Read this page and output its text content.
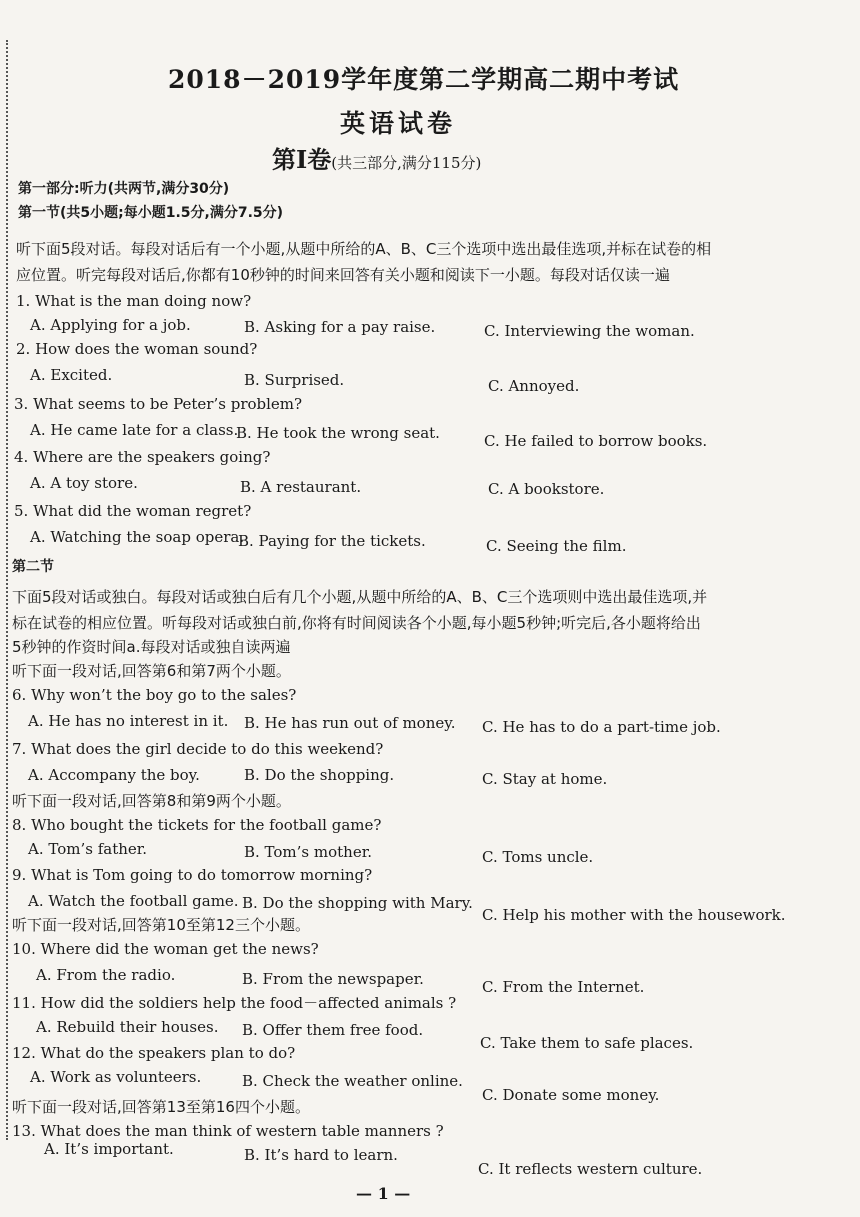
2018－2019学年度第二学期高二期中考试
英语试卷
第Ⅰ卷(共三部分,满分115分)
第一部分:听力(共两节,满分30分)
第一节(共5小题;每小题1.5分,满分7.5分)
听下面5段对话。每段对话后有一个小题,从题中所给的A、B、C三个选项中选出最佳选项,并标在试卷的相
应位置。听完每段对话后,你都有10秒钟的时间来回答有关小题和阅读下一小题。每段对话仅读一遍
1. What is the man doing now?
A. Applying for a job.	B. Asking for a pay raise.	C. Interviewing the woman.
2. How does the woman sound?
A. Excited.	B. Surprised.	C. Annoyed.
3. What seems to be Peter’s problem?
A. He came late for a class.
B. He took the wrong seat.	C. He failed to borrow books.
4. Where are the speakers going?
A. A toy store.	B. A restaurant.	C. A bookstore.
5. What did the woman regret?
A. Watching the soap opera.
B. Paying for the tickets.	C. Seeing the film.
第二节
下面5段对话或独白。每段对话或独白后有几个小题,从题中所给的A、B、C三个选项则中选出最佳选项,并
标在试卷的相应位置。听每段对话或独白前,你将有时间阅读各个小题,每小题5秒钟;听完后,各小题将给出
5秒钟的作资时间a.每段对话或独自读两遍
听下面一段对话,回答第6和第7两个小题。
6. Why won’t the boy go to the sales?
A. He has no interest in it. B. He has run out of money. C. He has to do a part-time job.
7. What does the girl decide to do this weekend?
A. Accompany the boy.	B. Do the shopping.	C. Stay at home.
听下面一段对话,回答第8和第9两个小题。
8. Who bought the tickets for the football game?
A. Tom’s father.	B. Tom’s mother.	C. Toms uncle.
9. What is Tom going to do tomorrow morning?
A. Watch the football game. B. Do the shopping with Mary.
C. Help his mother with the housework.
听下面一段对话,回答第10至第12三个小题。
10. Where did the woman get the news?
A. From the radio.	B. From the newspaper.	C. From the Internet.
11. How did the soldiers help the food－affected animals ?
A. Rebuild their houses. B. Offer them free food.
C. Take them to safe places.
12. What do the speakers plan to do?
A. Work as volunteers.	B. Check the weather online.
C. Donate some money.
听下面一段对话,回答第13至第16四个小题。
13. What does the man think of western table manners ?
A. It’s important.	B. It’s hard to learn.
C. It reflects western culture.
— 1 —
